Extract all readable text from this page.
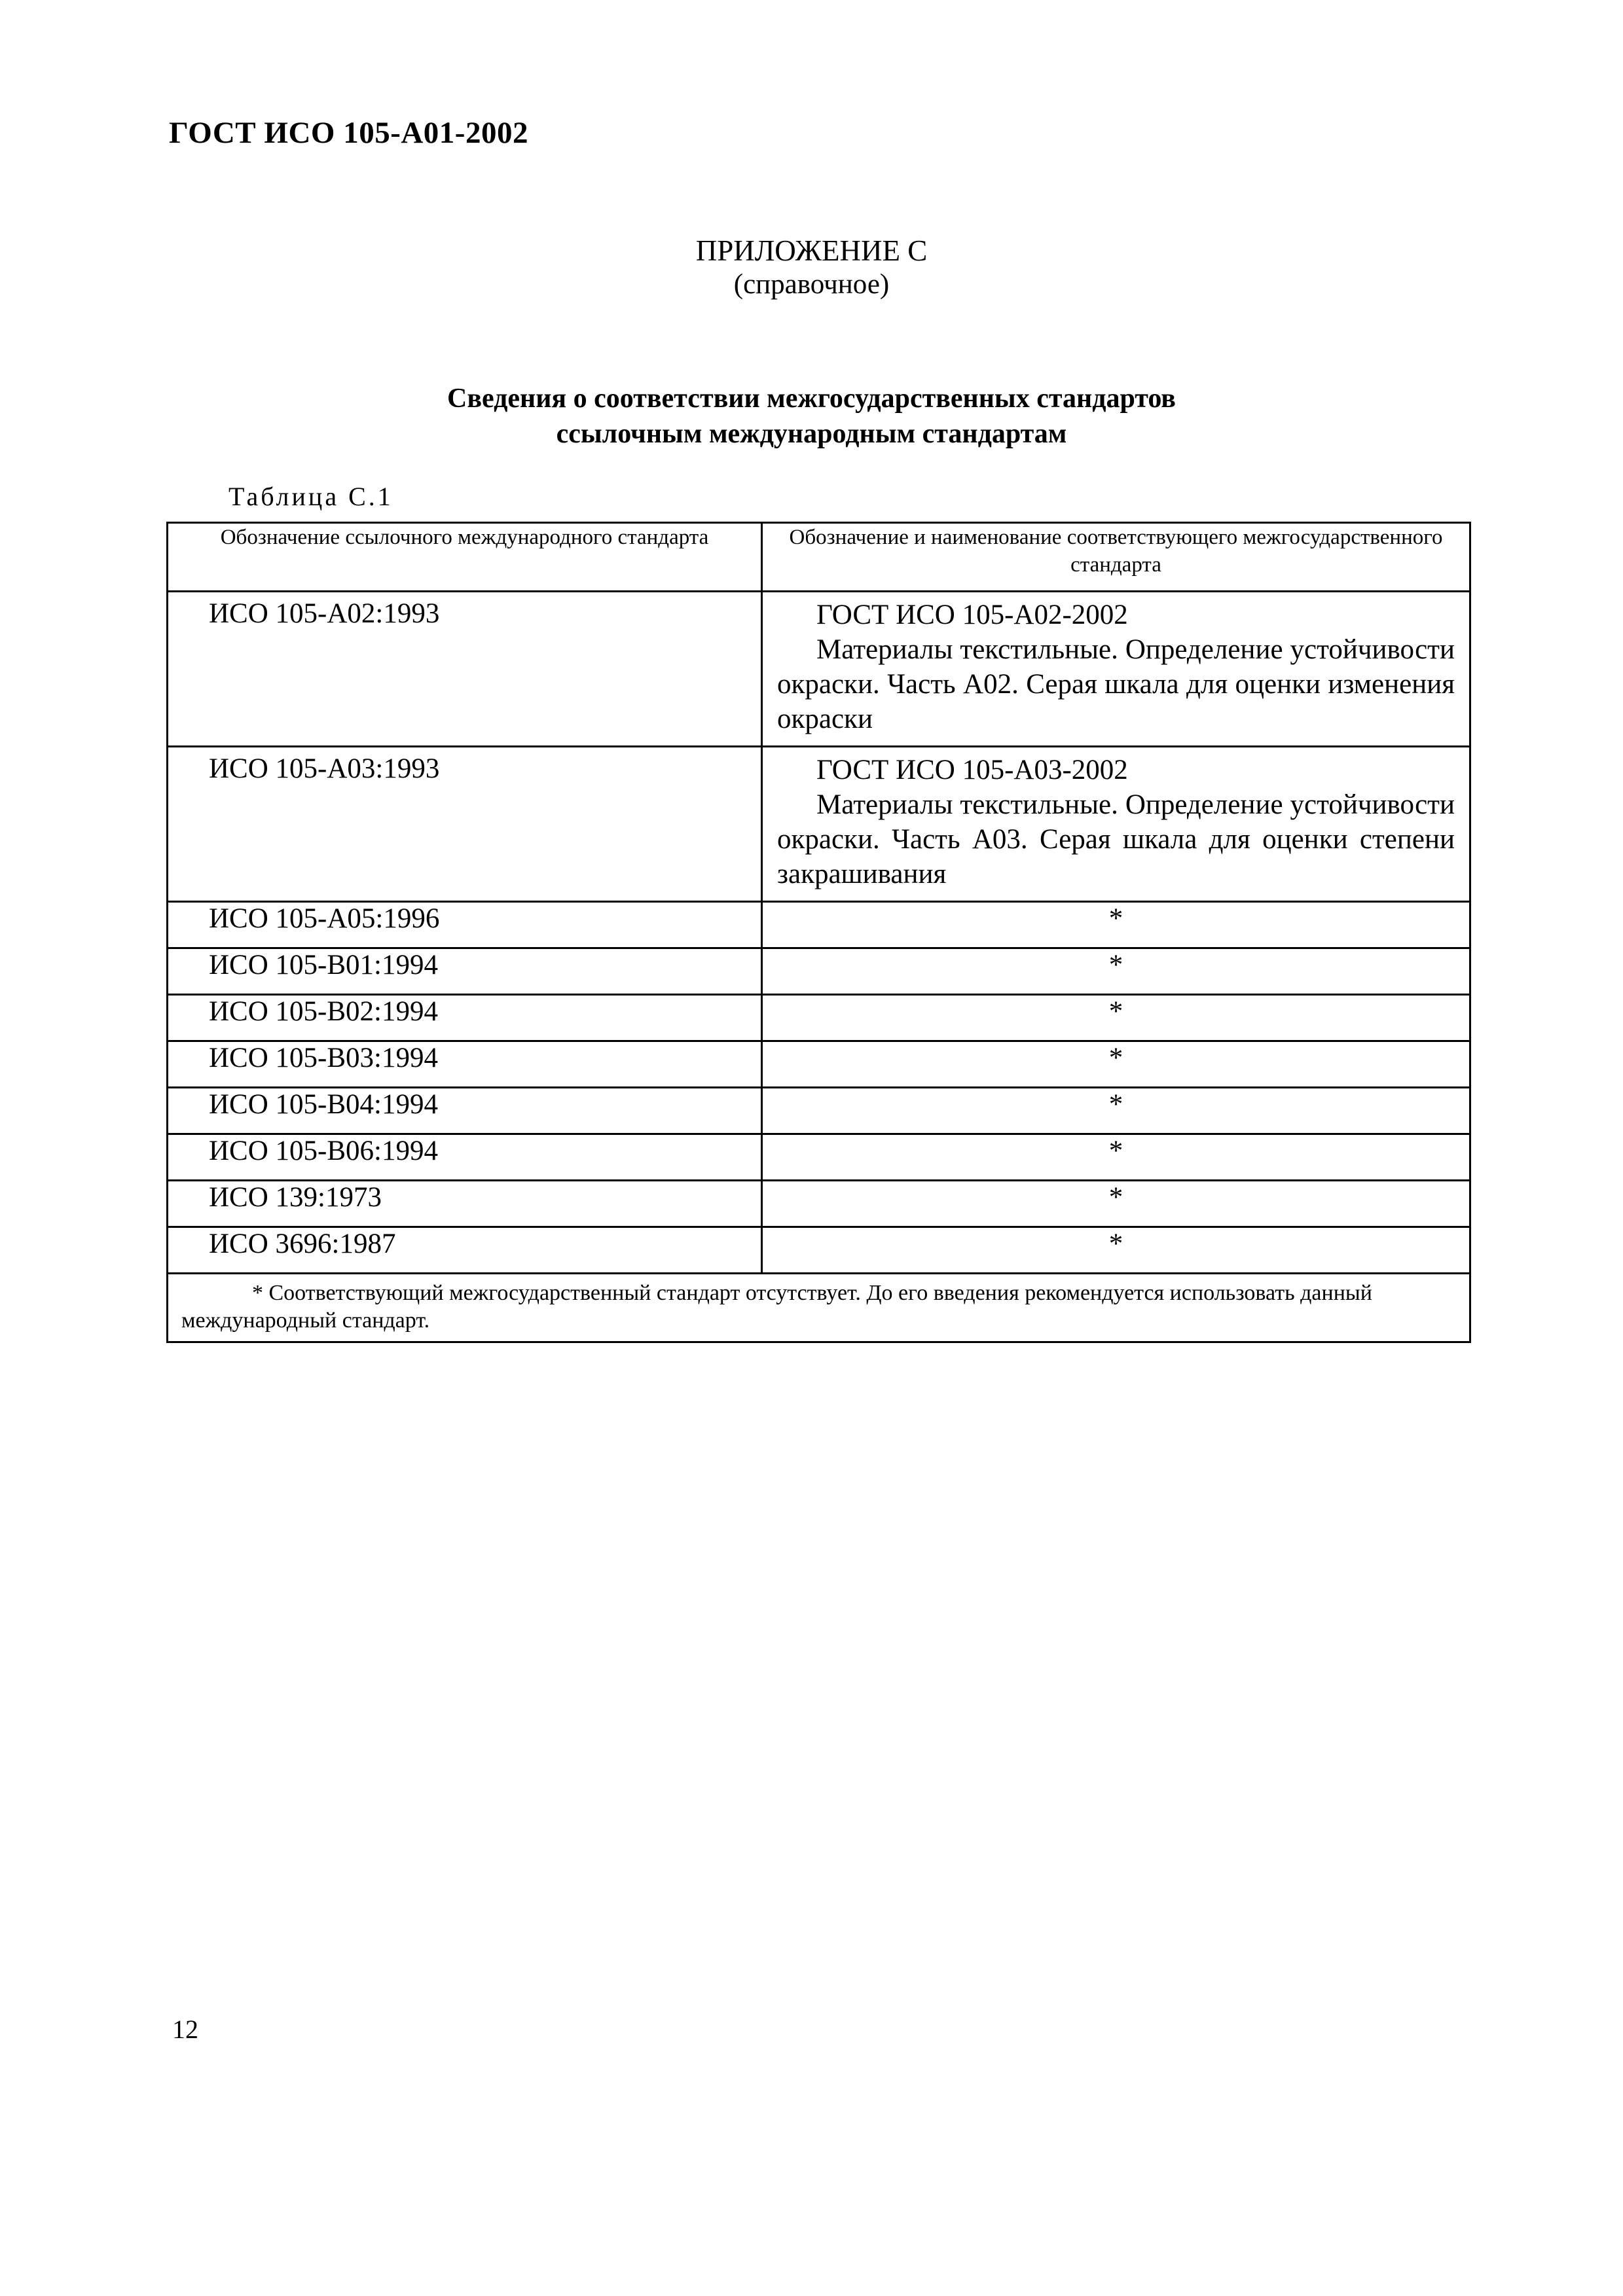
ГОСТ ИСО 105-А01-2002
ПРИЛОЖЕНИЕ С
(справочное)
Сведения о соответствии межгосударственных стандартов
ссылочным международным стандартам
Таблица С.1
Обозначение ссылочного международного стандарта	Обозначение и наименование соответствующего межгосударственного стандарта
ИСО 105-А02:1993	ГОСТ ИСО 105-А02-2002
Материалы текстильные. Определение устойчивости окраски. Часть А02. Серая шкала для оценки изменения окраски

ИСО 105-А03:1993	ГОСТ ИСО 105-А03-2002
Материалы текстильные. Определение устойчивости окраски. Часть А03. Серая шкала для оценки степени закрашивания

ИСО 105-А05:1996	*
ИСО 105-В01:1994	*
ИСО 105-В02:1994	*
ИСО 105-В03:1994	*
ИСО 105-В04:1994	*
ИСО 105-В06:1994	*
ИСО 139:1973	*
ИСО 3696:1987	*

* Соответствующий межгосударственный стандарт отсутствует. До его введения рекомендуется использовать данный международный стандарт.	
12
